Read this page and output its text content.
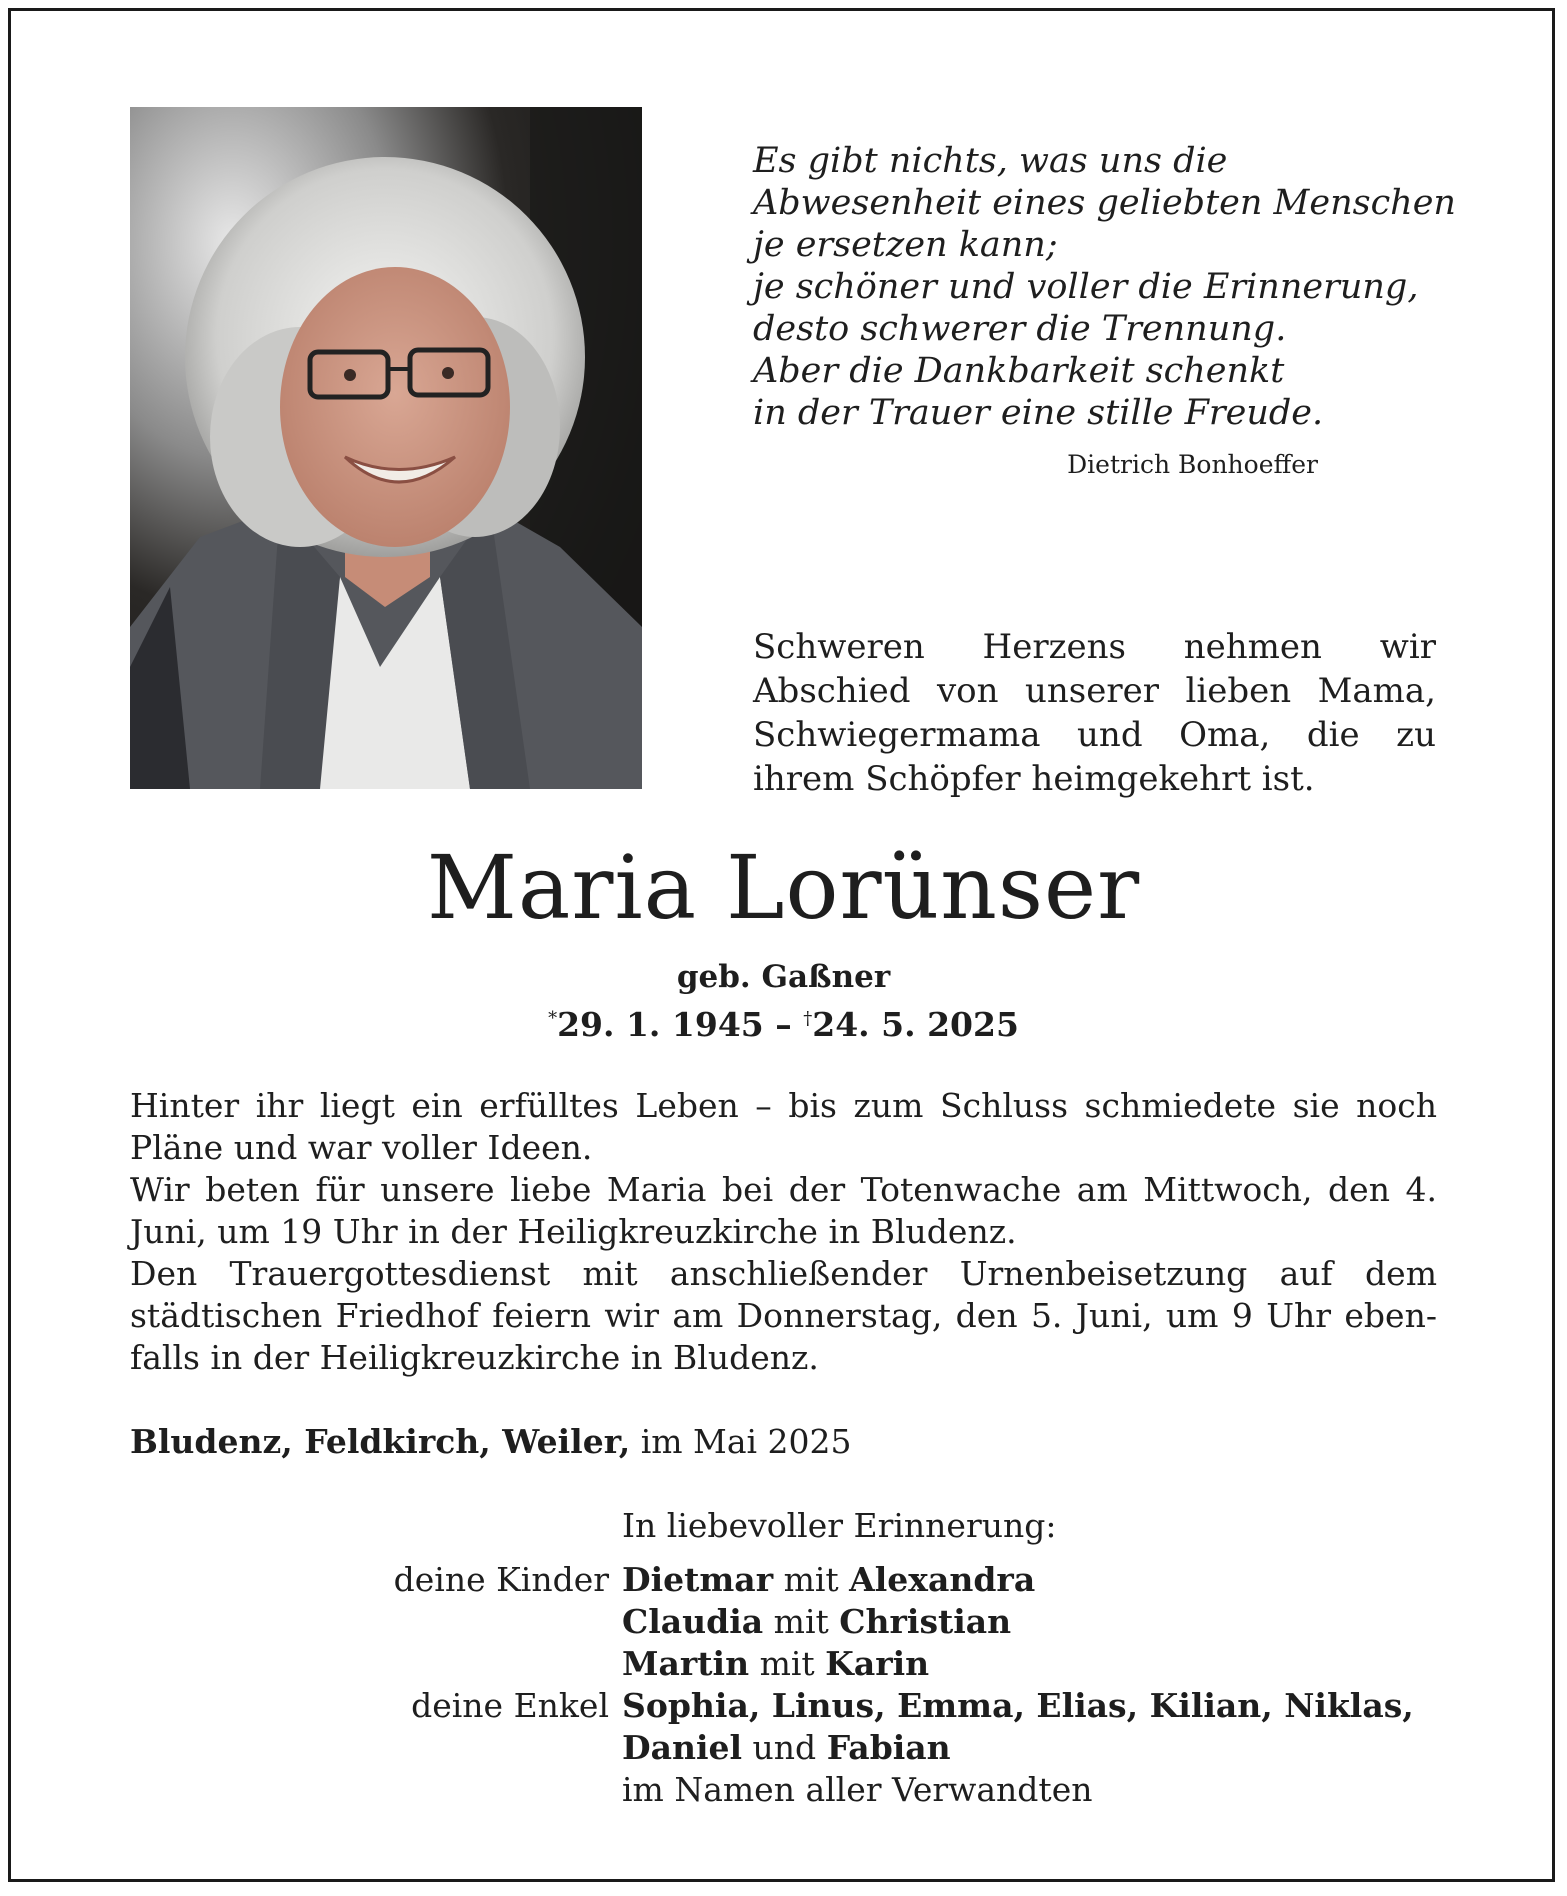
Es gibt nichts, was uns die
Abwesenheit eines geliebten Menschen
je ersetzen kann;
je schöner und voller die Erinnerung,
desto schwerer die Trennung.
Aber die Dankbarkeit schenkt
in der Trauer eine stille Freude.
Dietrich Bonhoeffer
Schweren Herzens nehmen wir Abschied von unserer lieben Mama, Schwiegermama und Oma, die zu ihrem Schöpfer heimgekehrt ist.
Maria Lorünser
geb. Gaßner
*29. 1. 1945 – †24. 5. 2025

Hinter ihr liegt ein erfülltes Leben – bis zum Schluss schmiedete sie noch Pläne und war voller Ideen.

Wir beten für unsere liebe Maria bei der Totenwache am Mittwoch, den 4. Juni, um 19 Uhr in der Heiligkreuzkirche in Bludenz.

Den Trauergottesdienst mit anschließender Urnenbeisetzung auf dem städtischen Friedhof feiern wir am Donnerstag, den 5. Juni, um 9 Uhr ebenfalls in der Heiligkreuzkirche in Bludenz.

Bludenz, Feldkirch, Weiler, im Mai 2025
In liebevoller Erinnerung:
deine Kinder Dietmar mit Alexandra
Claudia mit Christian
Martin mit Karin
deine Enkel Sophia, Linus, Emma, Elias, Kilian, Niklas,
Daniel und Fabian
im Namen aller Verwandten
